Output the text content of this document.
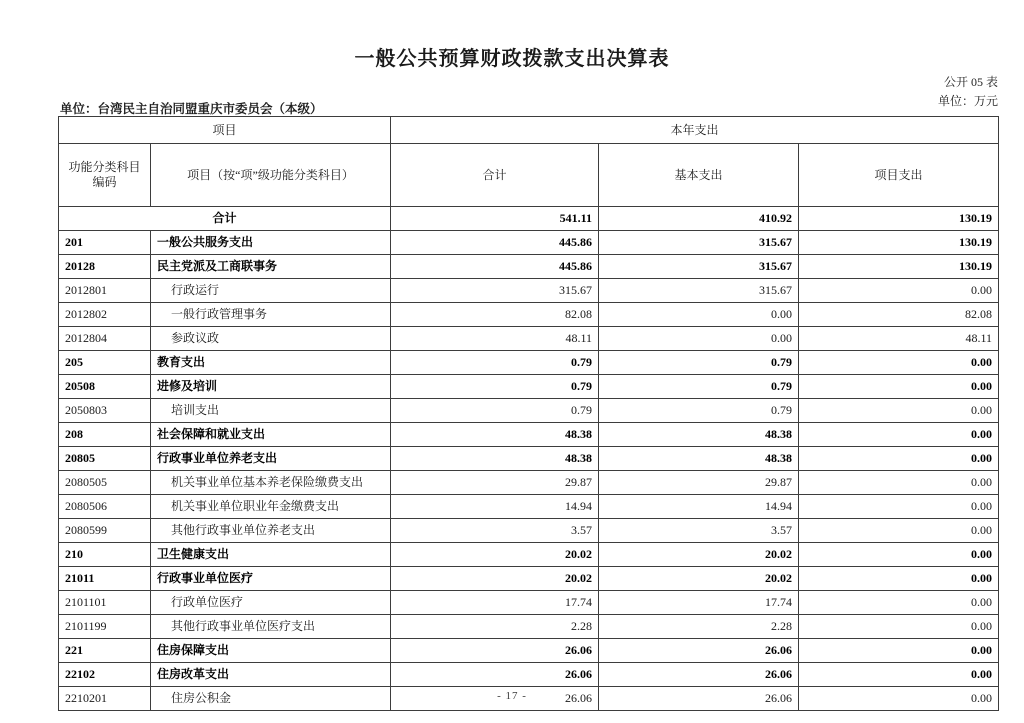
一般公共预算财政拨款支出决算表
公开 05 表
单位：万元
单位：台湾民主自治同盟重庆市委员会（本级）
项目		本年支出		
功能分类科目编码	项目（按“项”级功能分类科目）	合计	基本支出	项目支出
合计		541.11	410.92	130.19
201	一般公共服务支出	445.86	315.67	130.19
20128	民主党派及工商联事务	445.86	315.67	130.19
2012801	行政运行	315.67	315.67	0.00
2012802	一般行政管理事务	82.08	0.00	82.08
2012804	参政议政	48.11	0.00	48.11
205	教育支出	0.79	0.79	0.00
20508	进修及培训	0.79	0.79	0.00
2050803	培训支出	0.79	0.79	0.00
208	社会保障和就业支出	48.38	48.38	0.00
20805	行政事业单位养老支出	48.38	48.38	0.00
2080505	机关事业单位基本养老保险缴费支出	29.87	29.87	0.00
2080506	机关事业单位职业年金缴费支出	14.94	14.94	0.00
2080599	其他行政事业单位养老支出	3.57	3.57	0.00
210	卫生健康支出	20.02	20.02	0.00
21011	行政事业单位医疗	20.02	20.02	0.00
2101101	行政单位医疗	17.74	17.74	0.00
2101199	其他行政事业单位医疗支出	2.28	2.28	0.00
221	住房保障支出	26.06	26.06	0.00
22102	住房改革支出	26.06	26.06	0.00
2210201	住房公积金	26.06	26.06	0.00
- 17 -
